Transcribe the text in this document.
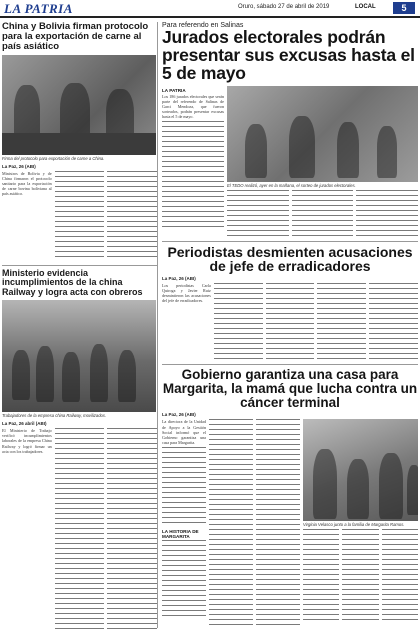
LA PATRIA	Oruro, sábado 27 de abril de 2019	LOCAL	5
China y Bolivia firman protocolo para la exportación de carne al país asiático
Firma del protocolo para exportación de carne a China.
La Paz, 26 (ABI)
Ministros de Bolivia y de China firmaron el protocolo sanitario para la exportación de carne bovina boliviana al país asiático.
Ministerio evidencia incumplimientos de la china Railway y logra acta con obreros
Trabajadores de la empresa china Railway, movilizados.
La Paz, 26 abril (ABI)
El Ministerio de Trabajo verificó incumplimientos laborales de la empresa China Railway y logró firmar un acta con los trabajadores.
Para referendo en Salinas
Jurados electorales podrán presentar sus excusas hasta el 5 de mayo
LA PATRIA
Los 186 jurados electorales que serán parte del referendo de Salinas de Garci Mendoza, que fueron sorteados, podrán presentar excusas hasta el 5 de mayo.
El TEDO realizó, ayer en la mañana, el sorteo de jurados electorales.
Periodistas desmienten acusaciones de jefe de erradicadores
La Paz, 26 (ABI)
Los periodistas Carla Quiroga y Javier Ruiz desmintieron las acusaciones del jefe de erradicadores.
Gobierno garantiza una casa para Margarita, la mamá que lucha contra un cáncer terminal
La Paz, 26 (ABI)
La directora de la Unidad de Apoyo a la Gestión Social informó que el Gobierno garantiza una casa para Margarita.
LA HISTORIA DE MARGARITA
Virginia Velasco junto a la familia de Margarita Ramos.
